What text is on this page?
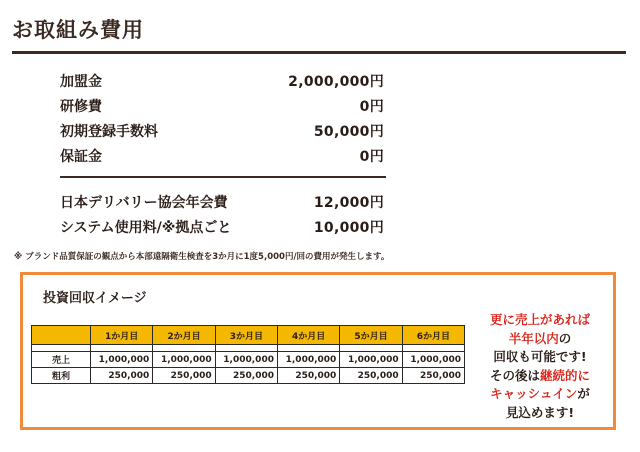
お取組み費用
加盟金	2,000,000円
研修費	0円
初期登録手数料	50,000円
保証金	0円
日本デリバリー協会年会費	12,000円
システム使用料/※拠点ごと	10,000円
※ ブランド品質保証の観点から本部遠隔衛生検査を3か月に1度5,000円/回の費用が発生します。
投資回収イメージ
	1か月目	2か月目	3か月目	4か月目	5か月目	6か月目

売上	1,000,000	1,000,000	1,000,000	1,000,000	1,000,000	1,000,000
粗利	250,000	250,000	250,000	250,000	250,000	250,000
更に売上があれば
半年以内の
回収も可能です!
その後は継続的に
キャッシュインが
見込めます!
